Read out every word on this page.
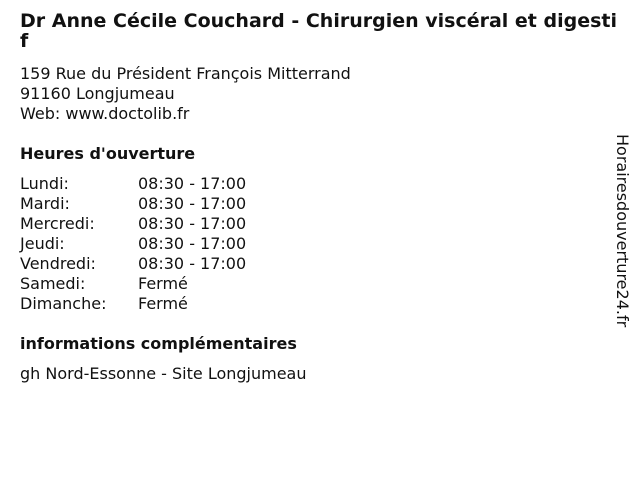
Dr Anne Cécile Couchard - Chirurgien viscéral et digestif
159 Rue du Président François Mitterrand
91160 Longjumeau
Web: www.doctolib.fr
Heures d'ouverture
Lundi:	08:30 - 17:00
Mardi:	08:30 - 17:00
Mercredi:	08:30 - 17:00
Jeudi:	08:30 - 17:00
Vendredi:	08:30 - 17:00
Samedi:	Fermé
Dimanche:	Fermé
informations complémentaires
gh Nord-Essonne - Site Longjumeau
Horairesdouverture24.fr
